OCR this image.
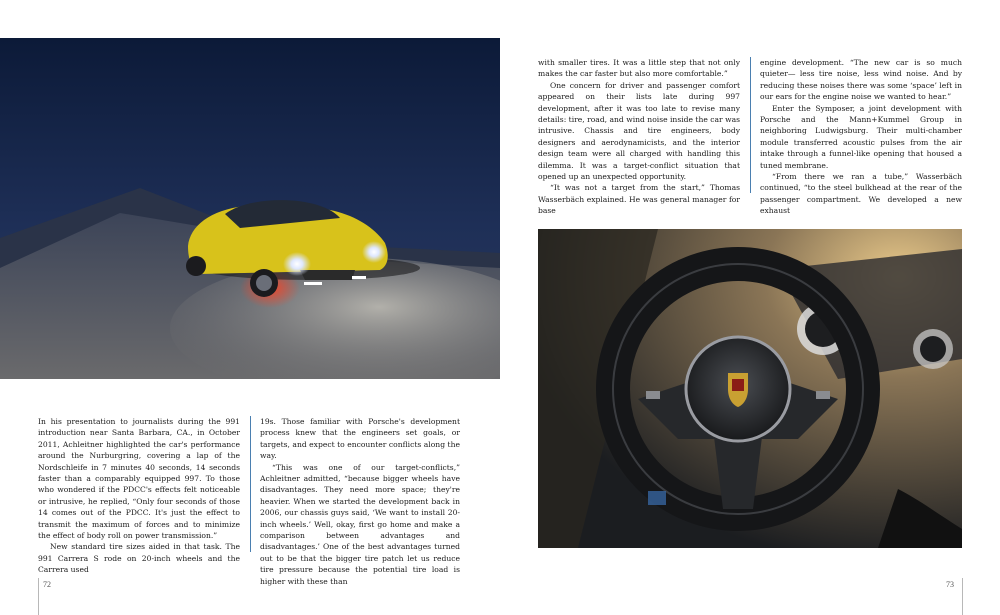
In his presentation to journalists during the 991 introduction near Santa Barbara, CA., in October 2011, Achleitner highlighted the car's performance around the Nurburgring, covering a lap of the Nordschleife in 7 minutes 40 seconds, 14 seconds faster than a comparably equipped 997. To those who wondered if the PDCC's effects felt noticeable or intrusive, he replied, “Only four seconds of those 14 comes out of the PDCC. It's just the effect to transmit the maximum of forces and to minimize the effect of body roll on power transmission.”

New standard tire sizes aided in that task. The 991 Carrera S rode on 20-inch wheels and the Carrera used

19s. Those familiar with Porsche's development process knew that the engineers set goals, or targets, and expect to encounter conflicts along the way.

“This was one of our target-conflicts,” Achleitner admitted, “because bigger wheels have disadvantages. They need more space; they're heavier. When we started the development back in 2006, our chassis guys said, ‘We want to install 20-inch wheels.’ Well, okay, first go home and make a comparison between advantages and disadvantages.’ One of the best advantages turned out to be that the bigger tire patch let us reduce tire pressure because the potential tire load is higher with these than

with smaller tires. It was a little step that not only makes the car faster but also more comfortable.”

One concern for driver and passenger comfort appeared on their lists late during 997 development, after it was too late to revise many details: tire, road, and wind noise inside the car was intrusive. Chassis and tire engineers, body designers and aerodynamicists, and the interior design team were all charged with handling this dilemma. It was a target-conflict situation that opened up an unexpected opportunity.

“It was not a target from the start,” Thomas Wasserbäch explained. He was general manager for base

engine development. “The new car is so much quieter— less tire noise, less wind noise. And by reducing these noises there was some ‘space’ left in our ears for the engine noise we wanted to hear.”

Enter the Symposer, a joint development with Porsche and the Mann+Kummel Group in neighboring Ludwigsburg. Their multi-chamber module transferred acoustic pulses from the air intake through a funnel-like opening that housed a tuned membrane.

“From there we ran a tube,” Wasserbäch continued, “to the steel bulkhead at the rear of the passenger compartment. We developed a new exhaust

72	73
